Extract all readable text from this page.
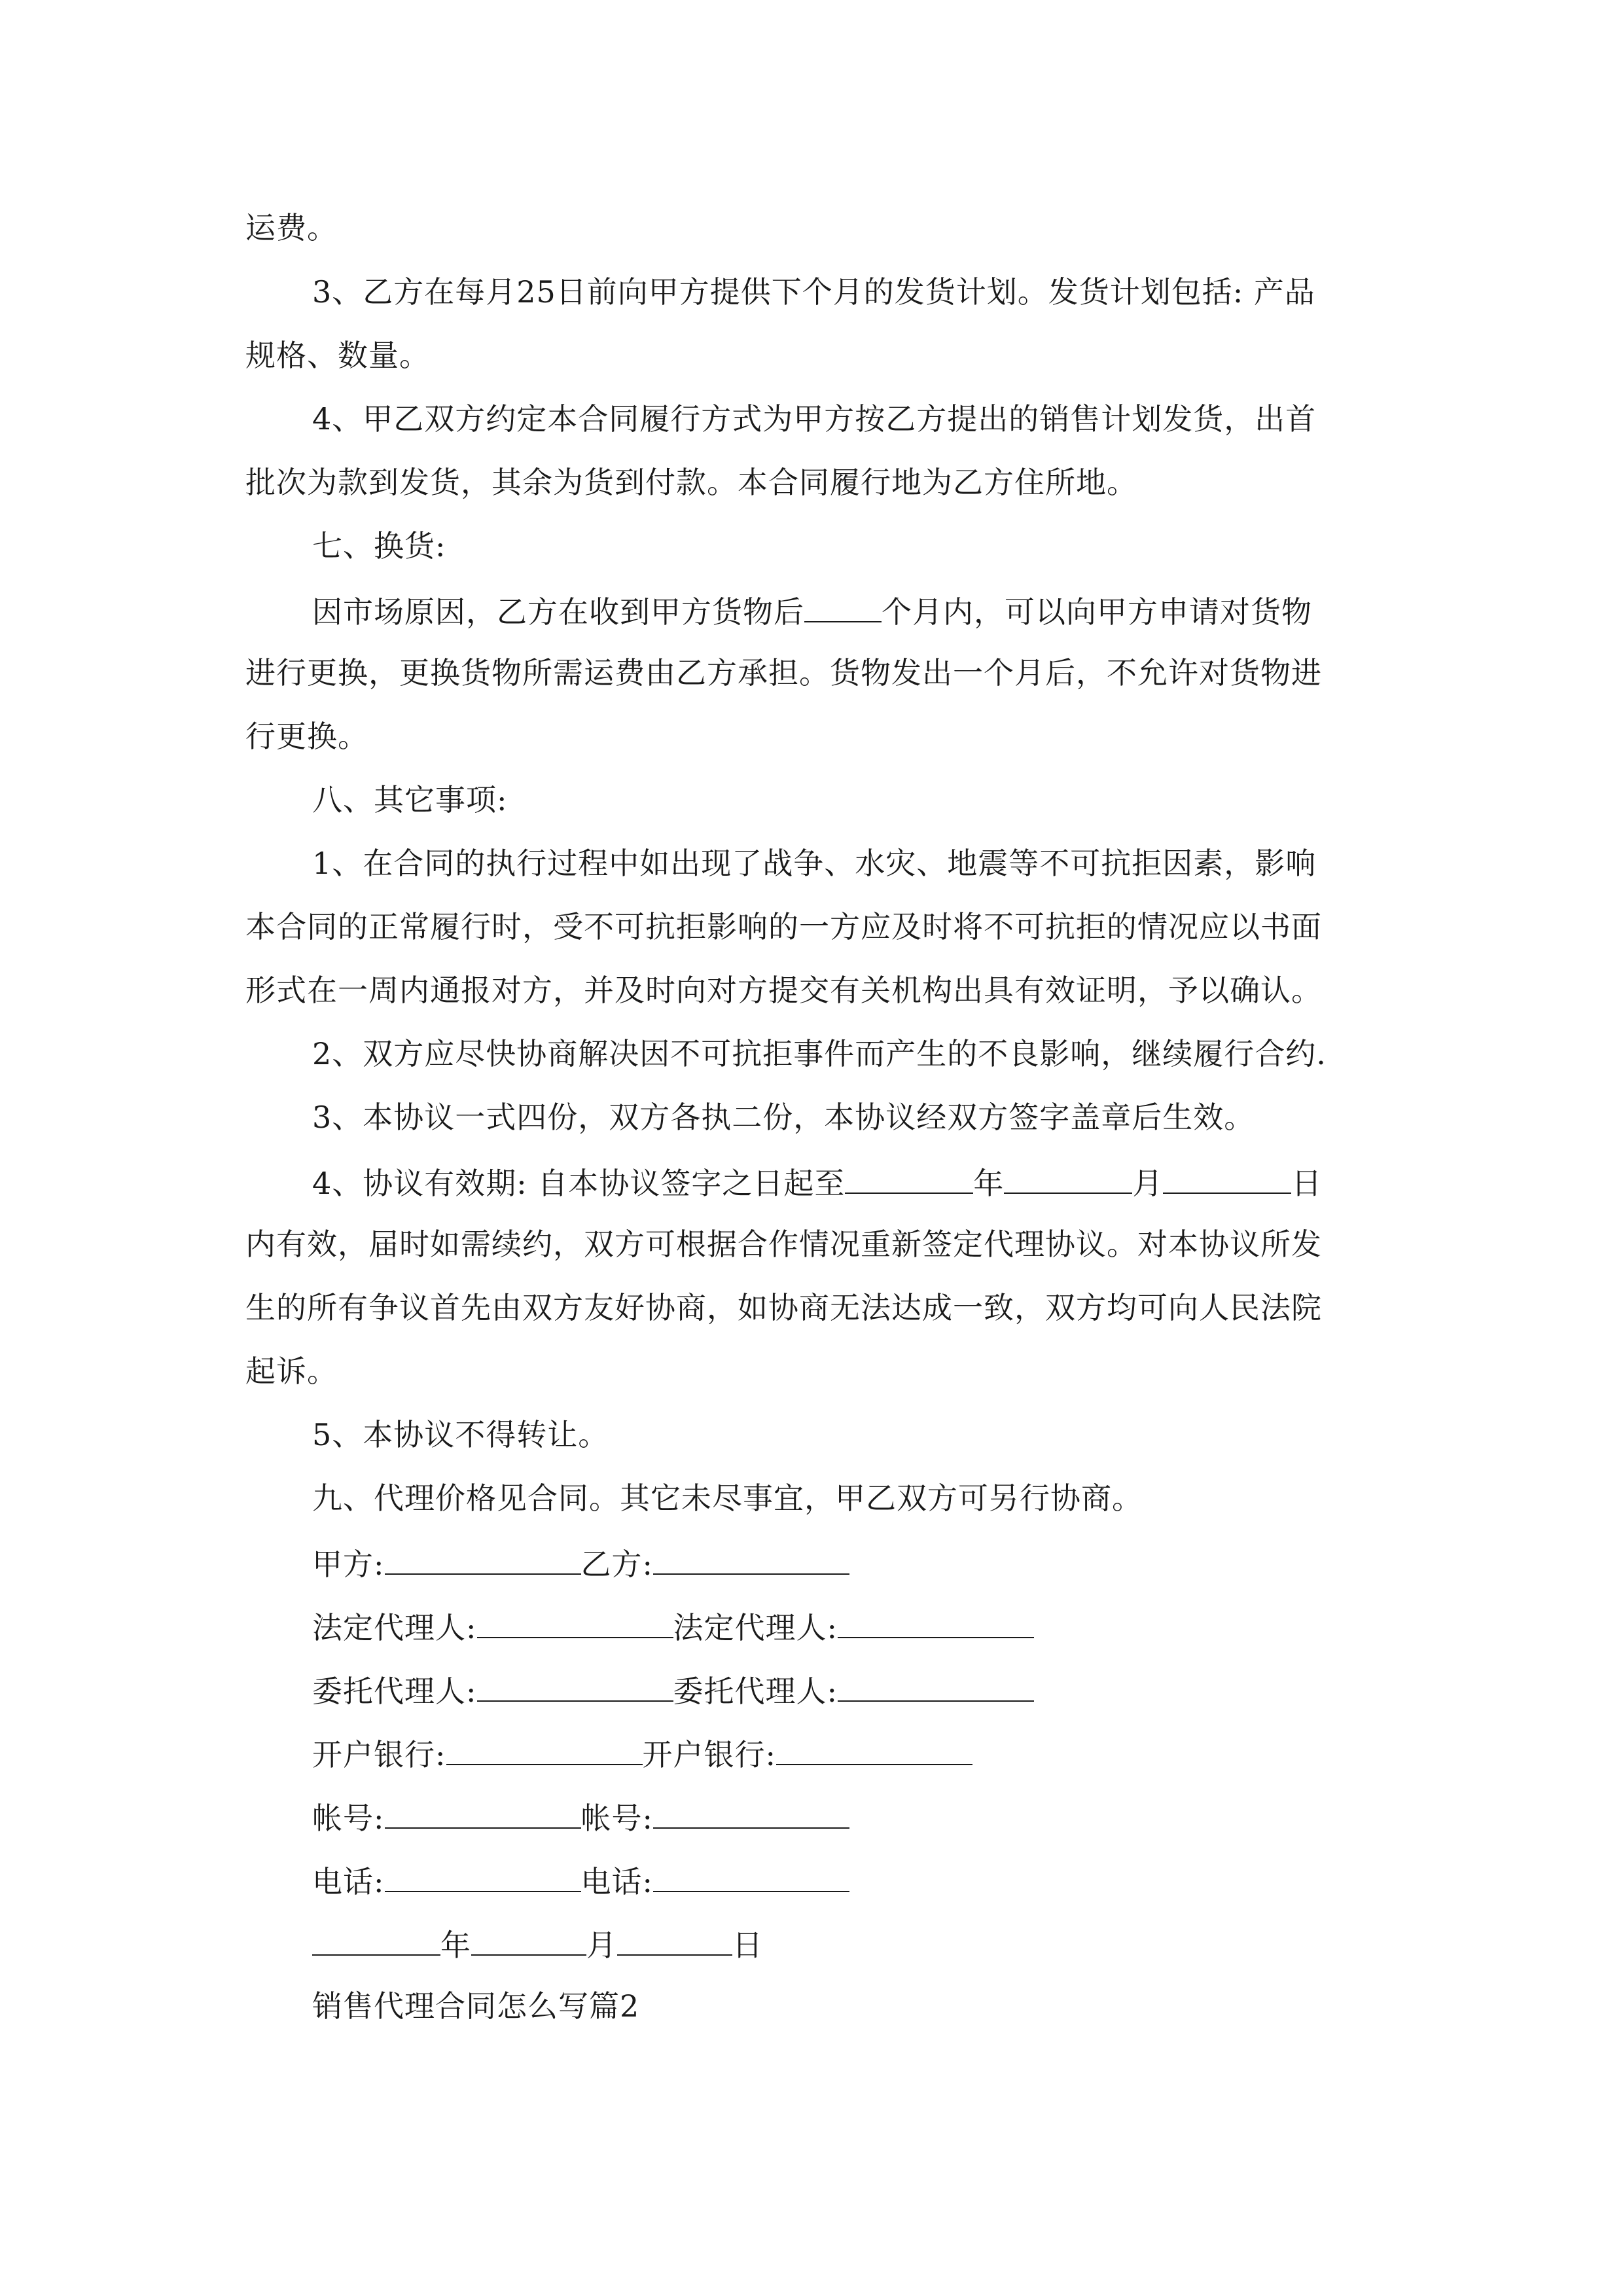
运费。
3、乙方在每月25日前向甲方提供下个月的发货计划。发货计划包括: 产品
规格、数量。
4、甲乙双方约定本合同履行方式为甲方按乙方提出的销售计划发货，出首
批次为款到发货，其余为货到付款。本合同履行地为乙方住所地。
七、换货:
因市场原因，乙方在收到甲方货物后	个月内，可以向甲方申请对货物
进行更换，更换货物所需运费由乙方承担。货物发出一个月后，不允许对货物进
行更换。
八、其它事项:
1、在合同的执行过程中如出现了战争、水灾、地震等不可抗拒因素，影响
本合同的正常履行时，受不可抗拒影响的一方应及时将不可抗拒的情况应以书面
形式在一周内通报对方，并及时向对方提交有关机构出具有效证明，予以确认。
2、双方应尽快协商解决因不可抗拒事件而产生的不良影响，继续履行合约.
3、本协议一式四份，双方各执二份，本协议经双方签字盖章后生效。
4、协议有效期: 自本协议签字之日起至	年	月	日
内有效，届时如需续约，双方可根据合作情况重新签定代理协议。对本协议所发
生的所有争议首先由双方友好协商，如协商无法达成一致，双方均可向人民法院
起诉。
5、本协议不得转让。
九、代理价格见合同。其它未尽事宜，甲乙双方可另行协商。
甲方:	乙方:
法定代理人:	法定代理人:
委托代理人:	委托代理人:
开户银行:	开户银行:
帐号:	帐号:
电话:	电话:
年	月	日
销售代理合同怎么写篇2
